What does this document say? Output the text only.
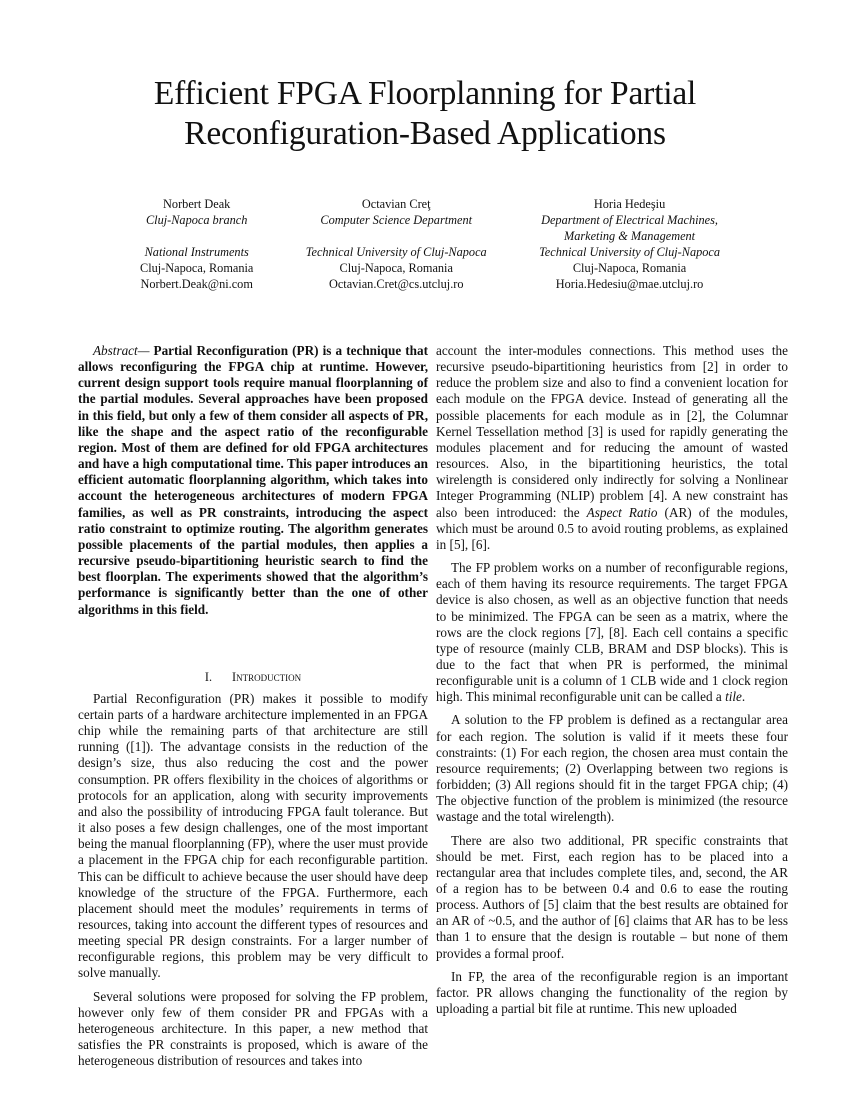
Efficient FPGA Floorplanning for Partial
Reconfiguration-Based Applications
Norbert Deak
Cluj-Napoca branch
National Instruments
Cluj-Napoca, Romania
Norbert.Deak@ni.com
Octavian Creţ
Computer Science Department
Technical University of Cluj-Napoca
Cluj-Napoca, Romania
Octavian.Cret@cs.utcluj.ro
Horia Hedeşiu
Department of Electrical Machines,
Marketing & Management
Technical University of Cluj-Napoca
Cluj-Napoca, Romania
Horia.Hedesiu@mae.utcluj.ro

Abstract— Partial Reconfiguration (PR) is a technique that allows reconfiguring the FPGA chip at runtime. However, current design support tools require manual floorplanning of the partial modules. Several approaches have been proposed in this field, but only a few of them consider all aspects of PR, like the shape and the aspect ratio of the reconfigurable region. Most of them are defined for old FPGA architectures and have a high computational time. This paper introduces an efficient automatic floorplanning algorithm, which takes into account the heterogeneous architectures of modern FPGA families, as well as PR constraints, introducing the aspect ratio constraint to optimize routing. The algorithm generates possible placements of the partial modules, then applies a recursive pseudo-bipartitioning heuristic search to find the best floorplan. The experiments showed that the algorithm’s performance is significantly better than the one of other algorithms in this field.

I. Introduction

Partial Reconfiguration (PR) makes it possible to modify certain parts of a hardware architecture implemented in an FPGA chip while the remaining parts of that architecture are still running ([1]). The advantage consists in the reduction of the design’s size, thus also reducing the cost and the power consumption. PR offers flexibility in the choices of algorithms or protocols for an application, along with security improvements and also the possibility of introducing FPGA fault tolerance. But it also poses a few design challenges, one of the most important being the manual floorplanning (FP), where the user must provide a placement in the FPGA chip for each reconfigurable partition. This can be difficult to achieve because the user should have deep knowledge of the structure of the FPGA. Furthermore, each placement should meet the modules’ requirements in terms of resources, taking into account the different types of resources and meeting special PR design constraints. For a larger number of reconfigurable regions, this problem may be very difficult to solve manually.

Several solutions were proposed for solving the FP problem, however only few of them consider PR and FPGAs with a heterogeneous architecture. In this paper, a new method that satisfies the PR constraints is proposed, which is aware of the heterogeneous distribution of resources and takes into

account the inter-modules connections. This method uses the recursive pseudo-bipartitioning heuristics from [2] in order to reduce the problem size and also to find a convenient location for each module on the FPGA device. Instead of generating all the possible placements for each module as in [2], the Columnar Kernel Tessellation method [3] is used for rapidly generating the modules placement and for reducing the amount of wasted resources. Also, in the bipartitioning heuristics, the total wirelength is considered only indirectly for solving a Nonlinear Integer Programming (NLIP) problem [4]. A new constraint has also been introduced: the Aspect Ratio (AR) of the modules, which must be around 0.5 to avoid routing problems, as explained in [5], [6].

The FP problem works on a number of reconfigurable regions, each of them having its resource requirements. The target FPGA device is also chosen, as well as an objective function that needs to be minimized. The FPGA can be seen as a matrix, where the rows are the clock regions [7], [8]. Each cell contains a specific type of resource (mainly CLB, BRAM and DSP blocks). This is due to the fact that when PR is performed, the minimal reconfigurable unit is a column of 1 CLB wide and 1 clock region high. This minimal reconfigurable unit can be called a tile.

A solution to the FP problem is defined as a rectangular area for each region. The solution is valid if it meets these four constraints: (1) For each region, the chosen area must contain the resource requirements; (2) Overlapping between two regions is forbidden; (3) All regions should fit in the target FPGA chip; (4) The objective function of the problem is minimized (the resource wastage and the total wirelength).

There are also two additional, PR specific constraints that should be met. First, each region has to be placed into a rectangular area that includes complete tiles, and, second, the AR of a region has to be between 0.4 and 0.6 to ease the routing process. Authors of [5] claim that the best results are obtained for an AR of ~0.5, and the author of [6] claims that AR has to be less than 1 to ensure that the design is routable – but none of them provides a formal proof.

In FP, the area of the reconfigurable region is an important factor. PR allows changing the functionality of the region by uploading a partial bit file at runtime. This new uploaded
